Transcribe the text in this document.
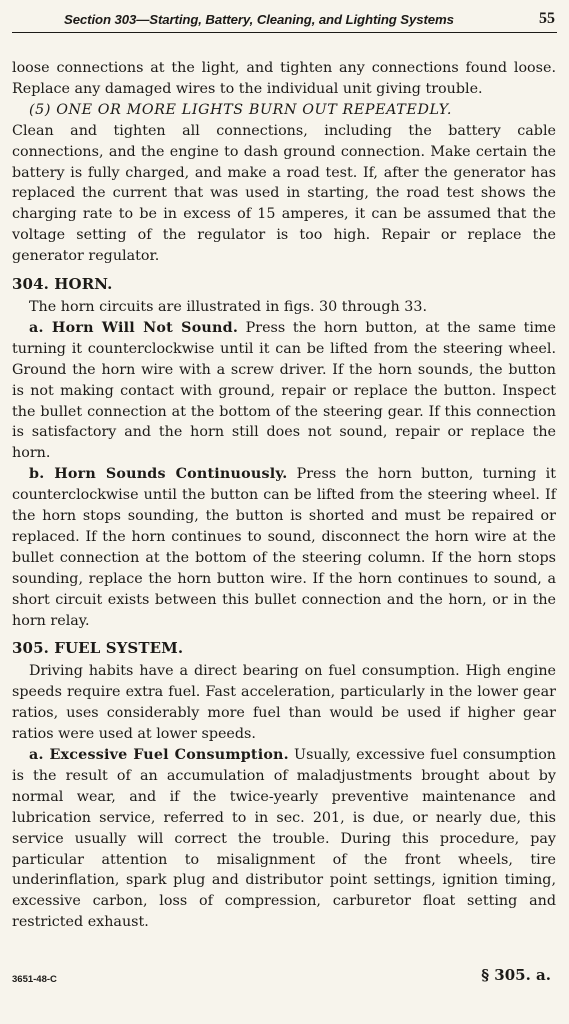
Section 303—Starting, Battery, Cleaning, and Lighting Systems	55

loose connections at the light, and tighten any connections found loose. Replace any damaged wires to the individual unit giving trouble.

(5) ONE OR MORE LIGHTS BURN OUT REPEATEDLY.

Clean and tighten all connections, including the battery cable connections, and the engine to dash ground connection. Make certain the battery is fully charged, and make a road test. If, after the generator has replaced the current that was used in starting, the road test shows the charging rate to be in excess of 15 amperes, it can be assumed that the voltage setting of the regulator is too high. Repair or replace the generator regulator.

304. HORN.

The horn circuits are illustrated in figs. 30 through 33.

a. Horn Will Not Sound. Press the horn button, at the same time turning it counterclockwise until it can be lifted from the steering wheel. Ground the horn wire with a screw driver. If the horn sounds, the button is not making contact with ground, repair or replace the button. Inspect the bullet connection at the bottom of the steering gear. If this connection is satisfactory and the horn still does not sound, repair or replace the horn.

b. Horn Sounds Continuously. Press the horn button, turning it counterclockwise until the button can be lifted from the steering wheel. If the horn stops sounding, the button is shorted and must be repaired or replaced. If the horn continues to sound, disconnect the horn wire at the bullet connection at the bottom of the steering column. If the horn stops sounding, replace the horn button wire. If the horn continues to sound, a short circuit exists between this bullet connection and the horn, or in the horn relay.

305. FUEL SYSTEM.

Driving habits have a direct bearing on fuel consumption. High engine speeds require extra fuel. Fast acceleration, particularly in the lower gear ratios, uses considerably more fuel than would be used if higher gear ratios were used at lower speeds.

a. Excessive Fuel Consumption. Usually, excessive fuel consumption is the result of an accumulation of maladjustments brought about by normal wear, and if the twice-yearly preventive maintenance and lubrication service, referred to in sec. 201, is due, or nearly due, this service usually will correct the trouble. During this procedure, pay particular attention to misalignment of the front wheels, tire underinflation, spark plug and distributor point settings, ignition timing, excessive carbon, loss of compression, carburetor float setting and restricted exhaust.

3651-48-C	§ 305. a.
